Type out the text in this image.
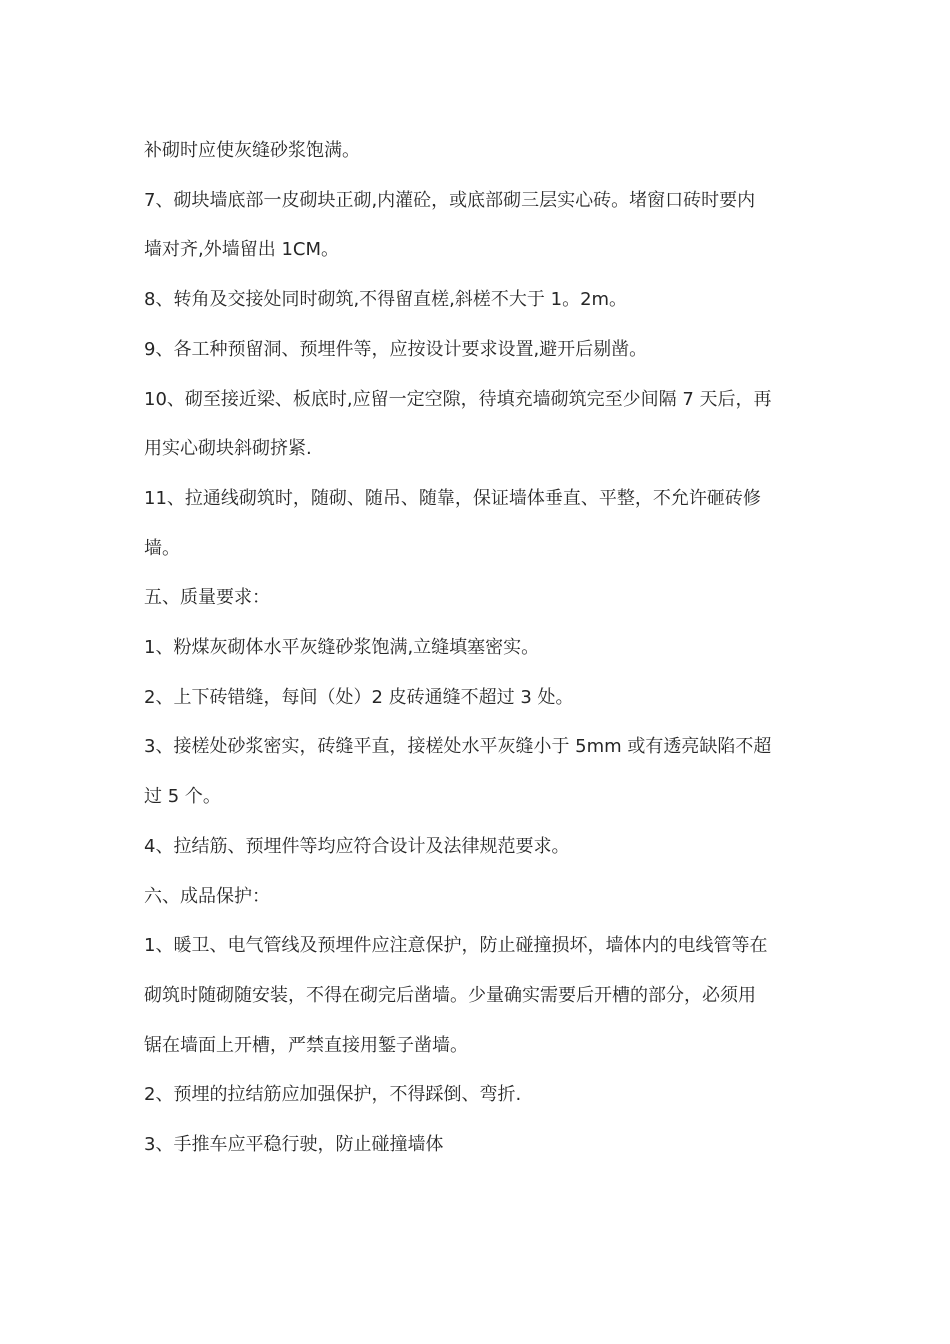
补砌时应使灰缝砂浆饱满。

7、砌块墙底部一皮砌块正砌,内灌砼，或底部砌三层实心砖。堵窗口砖时要内

墙对齐,外墙留出 1CM。

8、转角及交接处同时砌筑,不得留直槎,斜槎不大于 1。2m。

9、各工种预留洞、预埋件等，应按设计要求设置,避开后剔凿。

10、砌至接近梁、板底时,应留一定空隙，待填充墙砌筑完至少间隔 7 天后，再

用实心砌块斜砌挤紧.

11、拉通线砌筑时，随砌、随吊、随靠，保证墙体垂直、平整，不允许砸砖修

墙。

五、质量要求：

1、粉煤灰砌体水平灰缝砂浆饱满,立缝填塞密实。

2、上下砖错缝，每间（处）2 皮砖通缝不超过 3 处。

3、接槎处砂浆密实，砖缝平直，接槎处水平灰缝小于 5mm 或有透亮缺陷不超

过 5 个。

4、拉结筋、预埋件等均应符合设计及法律规范要求。

六、成品保护：

1、暖卫、电气管线及预埋件应注意保护，防止碰撞损坏，墙体内的电线管等在

砌筑时随砌随安装，不得在砌完后凿墙。少量确实需要后开槽的部分，必须用

锯在墙面上开槽，严禁直接用錾子凿墙。

2、预埋的拉结筋应加强保护，不得踩倒、弯折.

3、手推车应平稳行驶，防止碰撞墙体
